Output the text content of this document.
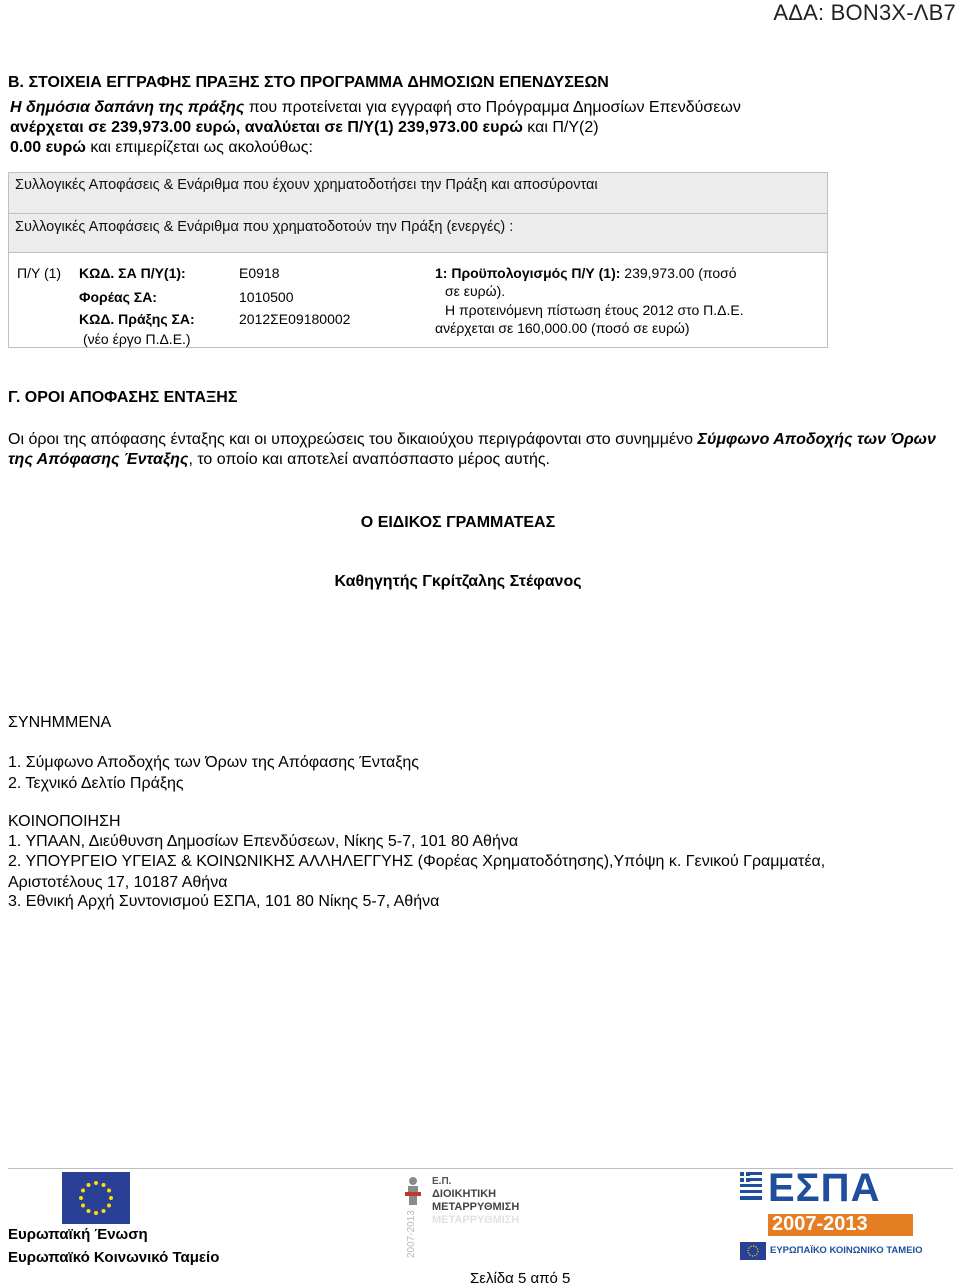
ΑΔΑ: ΒΟΝ3Χ-ΛΒ7
Β. ΣΤΟΙΧΕΙΑ ΕΓΓΡΑΦΗΣ ΠΡΑΞΗΣ ΣΤΟ ΠΡΟΓΡΑΜΜΑ ΔΗΜΟΣΙΩΝ ΕΠΕΝΔΥΣΕΩΝ
Η δημόσια δαπάνη της πράξης που προτείνεται για εγγραφή στο Πρόγραμμα Δημοσίων Επενδύσεων
ανέρχεται σε 239,973.00 ευρώ, αναλύεται σε Π/Υ(1) 239,973.00 ευρώ και Π/Υ(2)
0.00 ευρώ και επιμερίζεται ως ακολούθως:
Συλλογικές Αποφάσεις & Ενάριθμα που έχουν χρηματοδοτήσει την Πράξη και αποσύρονται
Συλλογικές Αποφάσεις & Ενάριθμα που χρηματοδοτούν την Πράξη (ενεργές) :
Π/Υ (1) ΚΩΔ. ΣΑ Π/Υ(1):	Ε0918
Φορέας ΣΑ:	1010500
ΚΩΔ. Πράξης ΣΑ:	2012ΣΕ09180002
(νέο έργο Π.Δ.Ε.)
1: Προϋπολογισμός Π/Υ (1): 239,973.00 (ποσό
σε ευρώ).
Η προτεινόμενη πίστωση έτους 2012 στο Π.Δ.Ε.
ανέρχεται σε 160,000.00 (ποσό σε ευρώ)
Γ. ΟΡΟΙ ΑΠΟΦΑΣΗΣ ΕΝΤΑΞΗΣ
Οι όροι της απόφασης ένταξης και οι υποχρεώσεις του δικαιούχου περιγράφονται στο συνημμένο Σύμφωνο Αποδοχής των Όρων της Απόφασης Ένταξης, το οποίο και αποτελεί αναπόσπαστο μέρος αυτής.
Ο ΕΙΔΙΚΟΣ ΓΡΑΜΜΑΤΕΑΣ
Καθηγητής Γκρίτζαλης Στέφανος
ΣΥΝΗΜΜΕΝΑ
1. Σύμφωνο Αποδοχής των Όρων της Απόφασης Ένταξης
2. Τεχνικό Δελτίο Πράξης
ΚΟΙΝΟΠΟΙΗΣΗ
1. ΥΠΑΑΝ, Διεύθυνση Δημοσίων Επενδύσεων, Νίκης 5-7, 101 80 Αθήνα
2. ΥΠΟΥΡΓΕΙΟ ΥΓΕΙΑΣ & ΚΟΙΝΩΝΙΚΗΣ ΑΛΛΗΛΕΓΓΥΗΣ (Φορέας Χρηματοδότησης),Υπόψη κ. Γενικού Γραμματέα,
Αριστοτέλους 17, 10187 Αθήνα
3. Εθνική Αρχή Συντονισμού ΕΣΠΑ, 101 80 Νίκης 5-7, Αθήνα
Ευρωπαϊκή Ένωση
Ευρωπαϊκό Κοινωνικό Ταμείο	2007-2013
Ε.Π.
ΔΙΟΙΚΗΤΙΚΗ
ΜΕΤΑΡΡΥΘΜΙΣΗ
ΜΕΤΑΡΡΥΘΜΙΣΗ
ΕΣΠΑ
2007-2013
ΕΥΡΩΠΑΪΚΟ ΚΟΙΝΩΝΙΚΟ ΤΑΜΕΙΟ
Σελίδα 5 από 5
